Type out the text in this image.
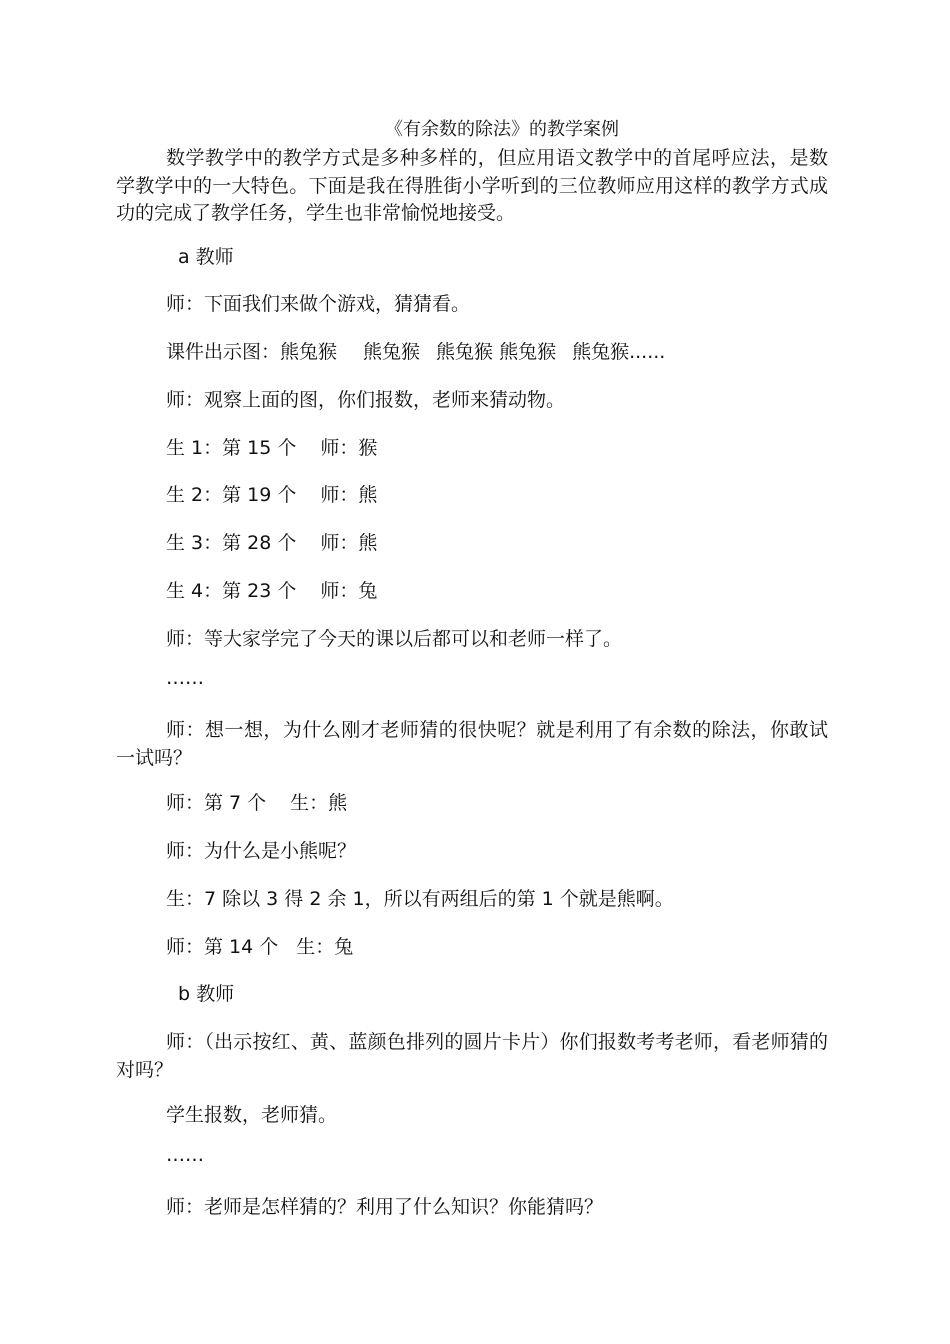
《有余数的除法》的教学案例
数学教学中的教学方式是多种多样的，但应用语文教学中的首尾呼应法，是数学教学中的一大特色。下面是我在得胜街小学听到的三位教师应用这样的教学方式成功的完成了教学任务，学生也非常愉悦地接受。
a 教师
师：下面我们来做个游戏，猜猜看。
课件出示图：熊兔猴 熊兔猴 熊兔猴 熊兔猴 熊兔猴......
师：观察上面的图，你们报数，老师来猜动物。
生 1：第 15 个 师：猴
生 2：第 19 个 师：熊
生 3：第 28 个 师：熊
生 4：第 23 个 师：兔
师：等大家学完了今天的课以后都可以和老师一样了。
……
师：想一想，为什么刚才老师猜的很快呢？就是利用了有余数的除法，你敢试一试吗？
师：第 7 个 生：熊
师：为什么是小熊呢？
生：7 除以 3 得 2 余 1，所以有两组后的第 1 个就是熊啊。
师：第 14 个 生：兔
b 教师
师：（出示按红、黄、蓝颜色排列的圆片卡片）你们报数考考老师，看老师猜的对吗？
学生报数，老师猜。
……
师：老师是怎样猜的？利用了什么知识？你能猜吗？
